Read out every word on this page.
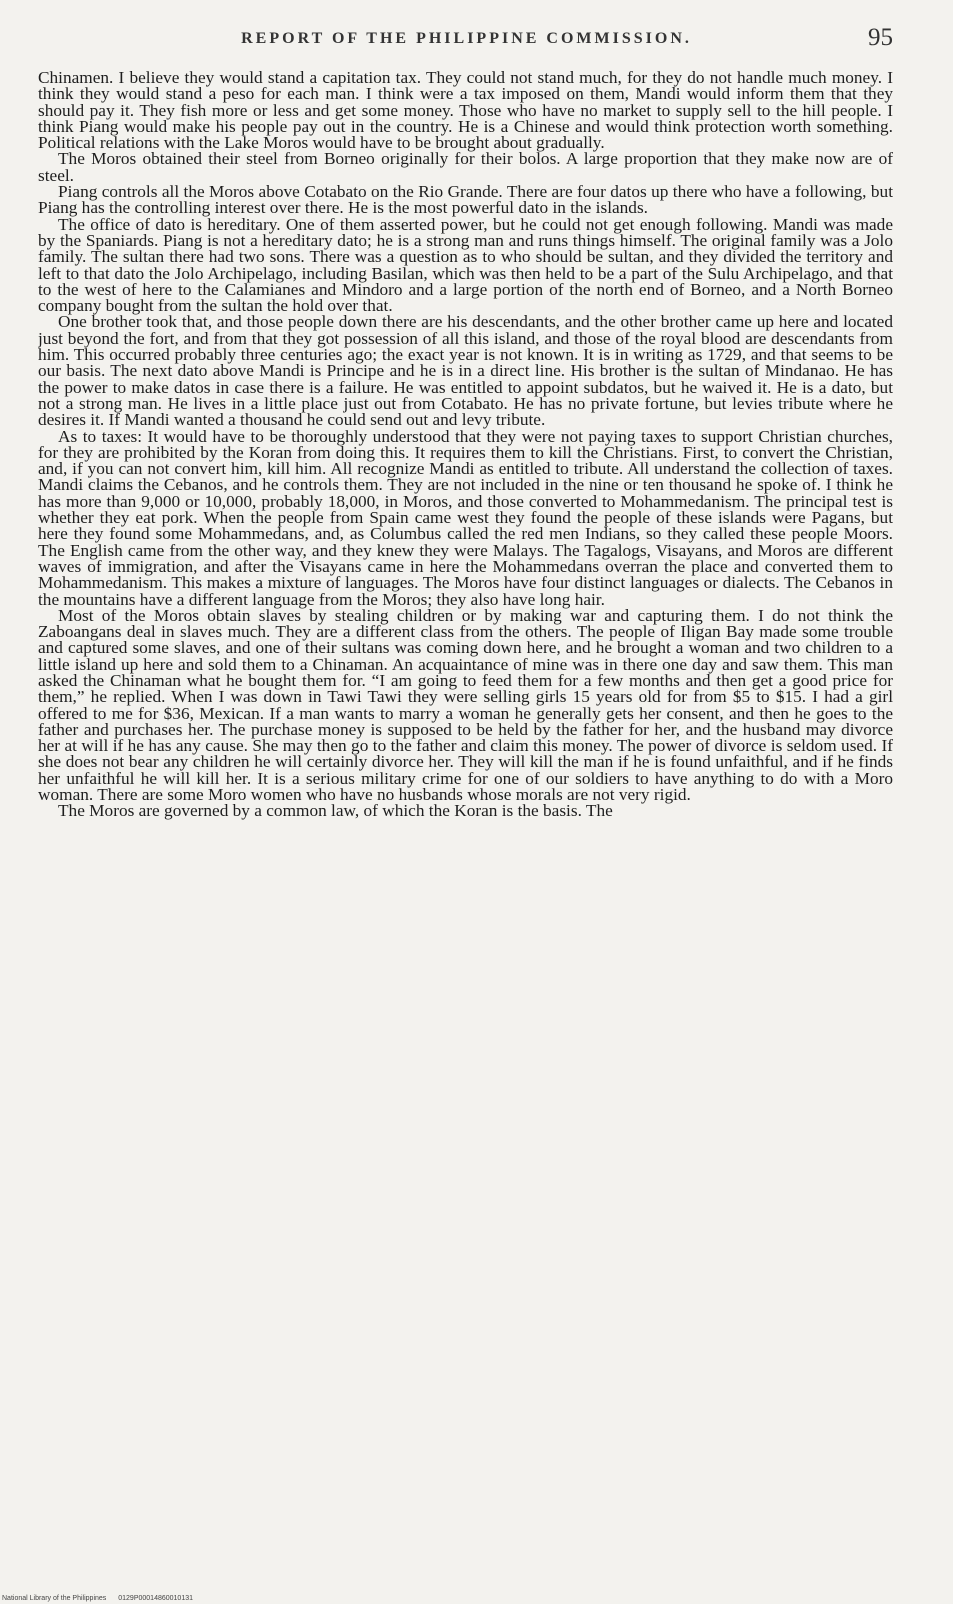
REPORT OF THE PHILIPPINE COMMISSION.	95

Chinamen. I believe they would stand a capitation tax. They could not stand much, for they do not handle much money. I think they would stand a peso for each man. I think were a tax imposed on them, Mandi would inform them that they should pay it. They fish more or less and get some money. Those who have no market to supply sell to the hill people. I think Piang would make his people pay out in the country. He is a Chinese and would think protection worth something. Political relations with the Lake Moros would have to be brought about gradually.

The Moros obtained their steel from Borneo originally for their bolos. A large proportion that they make now are of steel.

Piang controls all the Moros above Cotabato on the Rio Grande. There are four datos up there who have a following, but Piang has the controlling interest over there. He is the most powerful dato in the islands.

The office of dato is hereditary. One of them asserted power, but he could not get enough following. Mandi was made by the Spaniards. Piang is not a hereditary dato; he is a strong man and runs things himself. The original family was a Jolo family. The sultan there had two sons. There was a question as to who should be sultan, and they divided the territory and left to that dato the Jolo Archipelago, including Basilan, which was then held to be a part of the Sulu Archipelago, and that to the west of here to the Calamianes and Mindoro and a large portion of the north end of Borneo, and a North Borneo company bought from the sultan the hold over that.

One brother took that, and those people down there are his descendants, and the other brother came up here and located just beyond the fort, and from that they got possession of all this island, and those of the royal blood are descendants from him. This occurred probably three centuries ago; the exact year is not known. It is in writing as 1729, and that seems to be our basis. The next dato above Mandi is Principe and he is in a direct line. His brother is the sultan of Mindanao. He has the power to make datos in case there is a failure. He was entitled to appoint subdatos, but he waived it. He is a dato, but not a strong man. He lives in a little place just out from Cotabato. He has no private fortune, but levies tribute where he desires it. If Mandi wanted a thousand he could send out and levy tribute.

As to taxes: It would have to be thoroughly understood that they were not paying taxes to support Christian churches, for they are prohibited by the Koran from doing this. It requires them to kill the Christians. First, to convert the Christian, and, if you can not convert him, kill him. All recognize Mandi as entitled to tribute. All understand the collection of taxes. Mandi claims the Cebanos, and he controls them. They are not included in the nine or ten thousand he spoke of. I think he has more than 9,000 or 10,000, probably 18,000, in Moros, and those converted to Mohammedanism. The principal test is whether they eat pork. When the people from Spain came west they found the people of these islands were Pagans, but here they found some Mohammedans, and, as Columbus called the red men Indians, so they called these people Moors. The English came from the other way, and they knew they were Malays. The Tagalogs, Visayans, and Moros are different waves of immigration, and after the Visayans came in here the Mohammedans overran the place and converted them to Mohammedanism. This makes a mixture of languages. The Moros have four distinct languages or dialects. The Cebanos in the mountains have a different language from the Moros; they also have long hair.

Most of the Moros obtain slaves by stealing children or by making war and capturing them. I do not think the Zaboangans deal in slaves much. They are a different class from the others. The people of Iligan Bay made some trouble and captured some slaves, and one of their sultans was coming down here, and he brought a woman and two children to a little island up here and sold them to a Chinaman. An acquaintance of mine was in there one day and saw them. This man asked the Chinaman what he bought them for. “I am going to feed them for a few months and then get a good price for them,” he replied. When I was down in Tawi Tawi they were selling girls 15 years old for from $5 to $15. I had a girl offered to me for $36, Mexican. If a man wants to marry a woman he generally gets her consent, and then he goes to the father and purchases her. The purchase money is supposed to be held by the father for her, and the husband may divorce her at will if he has any cause. She may then go to the father and claim this money. The power of divorce is seldom used. If she does not bear any children he will certainly divorce her. They will kill the man if he is found unfaithful, and if he finds her unfaithful he will kill her. It is a serious military crime for one of our soldiers to have anything to do with a Moro woman. There are some Moro women who have no husbands whose morals are not very rigid.

The Moros are governed by a common law, of which the Koran is the basis. The

National Library of the Philippines 0129P00014860010131
